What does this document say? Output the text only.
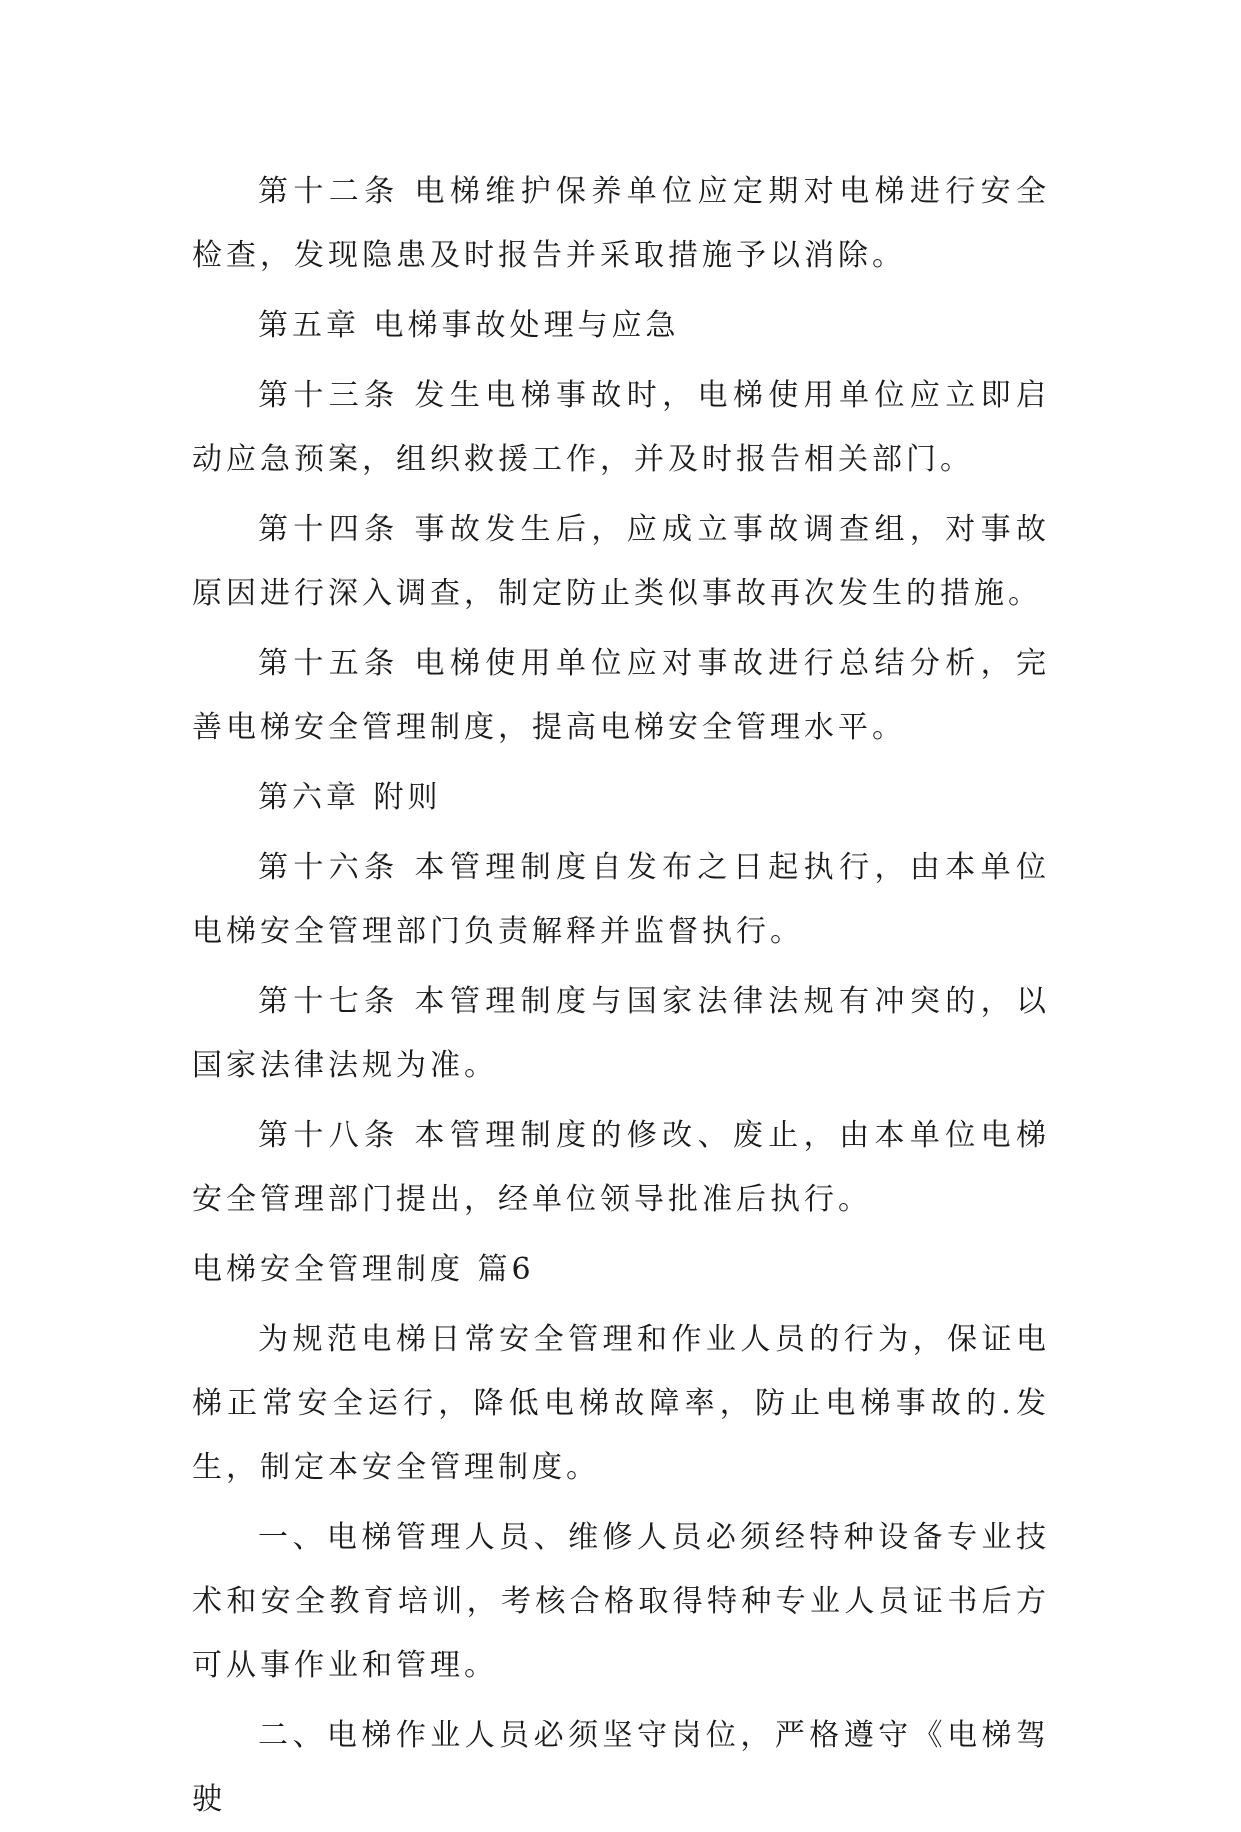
第十二条 电梯维护保养单位应定期对电梯进行安全检查，发现隐患及时报告并采取措施予以消除。

第五章 电梯事故处理与应急

第十三条 发生电梯事故时，电梯使用单位应立即启动应急预案，组织救援工作，并及时报告相关部门。

第十四条 事故发生后，应成立事故调查组，对事故原因进行深入调查，制定防止类似事故再次发生的措施。

第十五条 电梯使用单位应对事故进行总结分析，完善电梯安全管理制度，提高电梯安全管理水平。

第六章 附则

第十六条 本管理制度自发布之日起执行，由本单位电梯安全管理部门负责解释并监督执行。

第十七条 本管理制度与国家法律法规有冲突的，以国家法律法规为准。

第十八条 本管理制度的修改、废止，由本单位电梯安全管理部门提出，经单位领导批准后执行。

电梯安全管理制度 篇6

为规范电梯日常安全管理和作业人员的行为，保证电梯正常安全运行，降低电梯故障率，防止电梯事故的.发生，制定本安全管理制度。

一、电梯管理人员、维修人员必须经特种设备专业技术和安全教育培训，考核合格取得特种专业人员证书后方可从事作业和管理。

二、电梯作业人员必须坚守岗位，严格遵守《电梯驾驶
